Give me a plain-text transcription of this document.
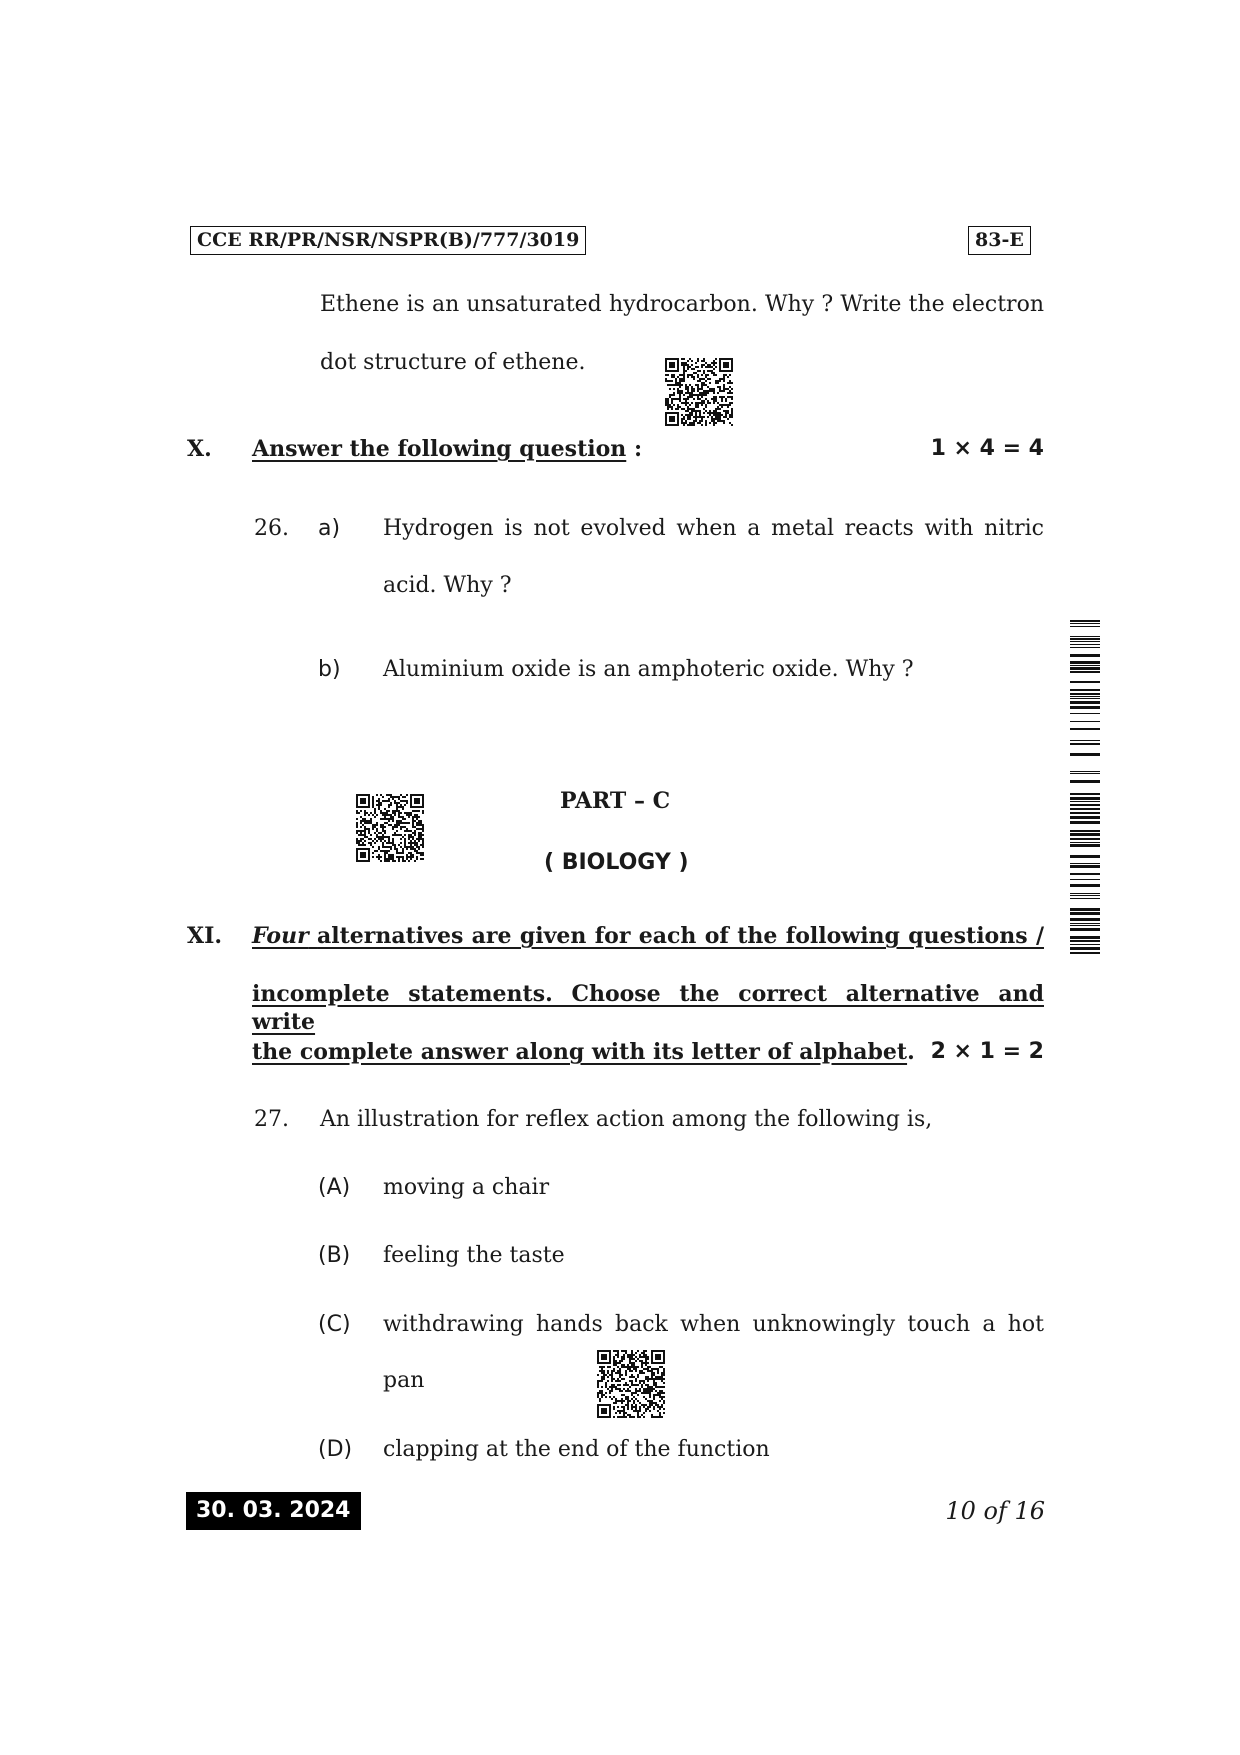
CCE RR/PR/NSR/NSPR(B)/777/3019	83-E
Ethene is an unsaturated hydrocarbon. Why ? Write the electron
dot structure of ethene.
X. Answer the following question :	1 × 4 = 4
26. a) Hydrogen is not evolved when a metal reacts with nitric
acid. Why ?
b) Aluminium oxide is an amphoteric oxide. Why ?
PART – C
( BIOLOGY )
XI. Four alternatives are given for each of the following questions /
incomplete statements. Choose the correct alternative and write
the complete answer along with its letter of alphabet. 2 × 1 = 2
27. An illustration for reflex action among the following is,
(A) moving a chair
(B) feeling the taste
(C) withdrawing hands back when unknowingly touch a hot
pan
(D) clapping at the end of the function
30. 03. 2024	10 of 16
